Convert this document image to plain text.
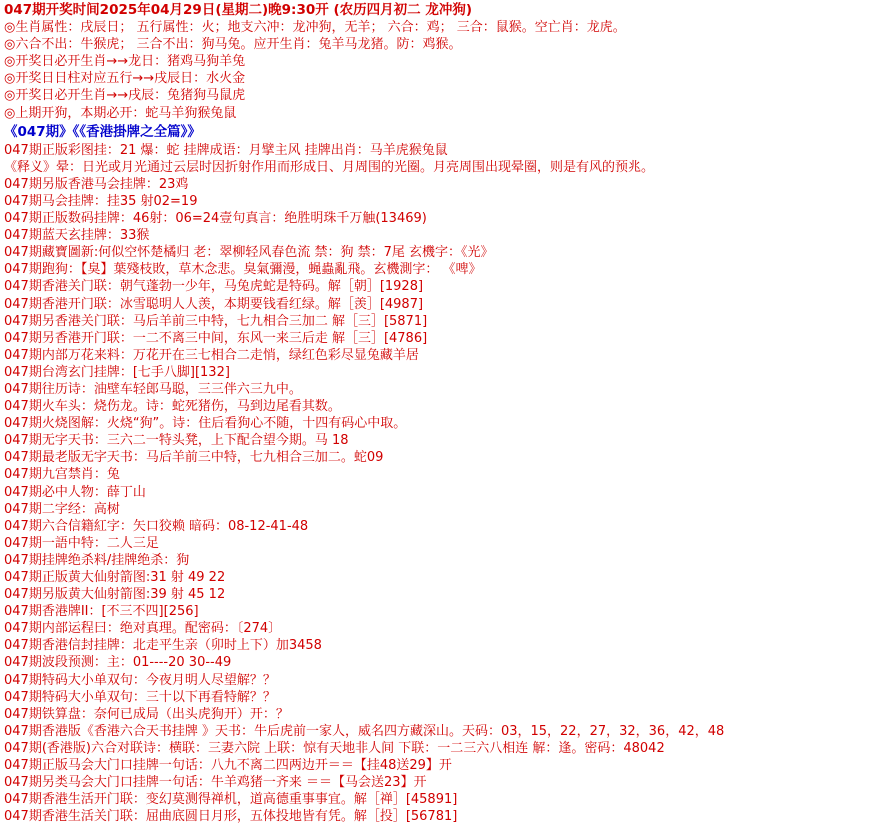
047期开奖时间2025年04月29日(星期二)晚9:30开 (农历四月初二 龙冲狗)
◎生肖属性：戌辰日； 五行属性：火；地支六冲：龙冲狗，无羊； 六合：鸡； 三合：鼠猴。空亡肖：龙虎。
◎六合不出：牛猴虎； 三合不出：狗马兔。应开生肖：兔羊马龙猪。防：鸡猴。
◎开奖日必开生肖→→龙日：猪鸡马狗羊兔
◎开奖日日柱对应五行→→戌辰日：水火金
◎开奖日必开生肖→→戌辰：兔猪狗马鼠虎
◎上期开狗，本期必开：蛇马羊狗猴兔鼠
《047期》《《香港掛牌之全篇》》
047期正版彩图挂：21 爆：蛇 挂牌成语：月擘主风 挂牌出肖：马羊虎猴兔鼠
《释义》晕：日光或月光通过云层时因折射作用而形成日、月周围的光圈。月亮周围出现晕圈，则是有风的预兆。
047期另版香港马会挂牌：23鸡
047期马会挂牌：挂35 射02=19
047期正版数码挂牌：46射：06=24壹句真言：绝胜明珠千万触(13469)
047期蓝天玄挂牌：33猴
047期藏寶圖新:何似空怀楚橘归 老：翠柳轻风春色流 禁：狗 禁：7尾 玄機字：《光》
047期跑狗：【臭】葉殘枝敗，草木念悲。臭氣彌漫，蝇蟲亂飛。玄機測字： 《啤》
047期香港关门联：朝气蓬勃一少年，马兔虎蛇是特码。解［朝］[1928]
047期香港开门联：冰雪聪明人人羡，本期要钱看红绿。解［羡］[4987]
047期另香港关门联：马后羊前三中特，七九相合三加二 解［三］[5871]
047期另香港开门联：一二不离三中间，东风一来三后走 解［三］[4786]
047期内部万花来料：万花开在三七相合二走悄，绿红色彩尽显兔藏羊居
047期台湾玄门挂牌：[七手八脚][132]
047期往历诗：油壁车轻郎马聪，三三伴六三九中。
047期火车头：烧伤龙。诗：蛇死猪伤，马到边尾看其数。
047期火烧图解：火烧“狗”。诗：住后看狗心不随，十四有码心中取。
047期无字天书：三六二一特头凳，上下配合望今期。马 18
047期最老版无字天书：马后羊前三中特，七九相合三加二。蛇09
047期九宫禁肖：兔
047期必中人物：薛丁山
047期二字经：高树
047期六合信籍紅字：矢口狡赖 暗码：08-12-41-48
047期一語中特：二人三足
047期挂牌绝杀料/挂牌绝杀：狗
047期正版黄大仙射箭图:31 射 49 22
047期另版黄大仙射箭图:39 射 45 12
047期香港牌ⅠⅠ：[不三不四][256]
047期内部运程曰：绝对真理。配密码：〔274〕
047期香港信封挂牌：北走平生亲（卯时上下）加3458
047期波段预测：主：01----20 30--49
047期特码大小单双句：今夜月明人尽望解？？
047期特码大小单双句：三十以下再看特解？？
047期铁算盘：奈何已成局（出头虎狗开）开：？
047期香港版《香港六合天书挂牌 》天书：牛后虎前一家人，威名四方藏深山。天码：03，15，22，27，32，36，42，48
047期(香港版)六合对联诗：横联：三妻六院 上联：惊有天地非人间 下联：一二三六八相连 解：逢。密码：48042
047期正版马会大门口挂牌一句话：八九不离二四两边开＝＝【挂48送29】开
047期另类马会大门口挂牌一句话：牛羊鸡猪一齐来 ＝＝【马会送23】开
047期香港生活开门联：变幻莫测得禅机，道高德重事事宜。解［禅］[45891]
047期香港生活关门联：屈曲底圆日月形，五体投地皆有凭。解［投］[56781]
